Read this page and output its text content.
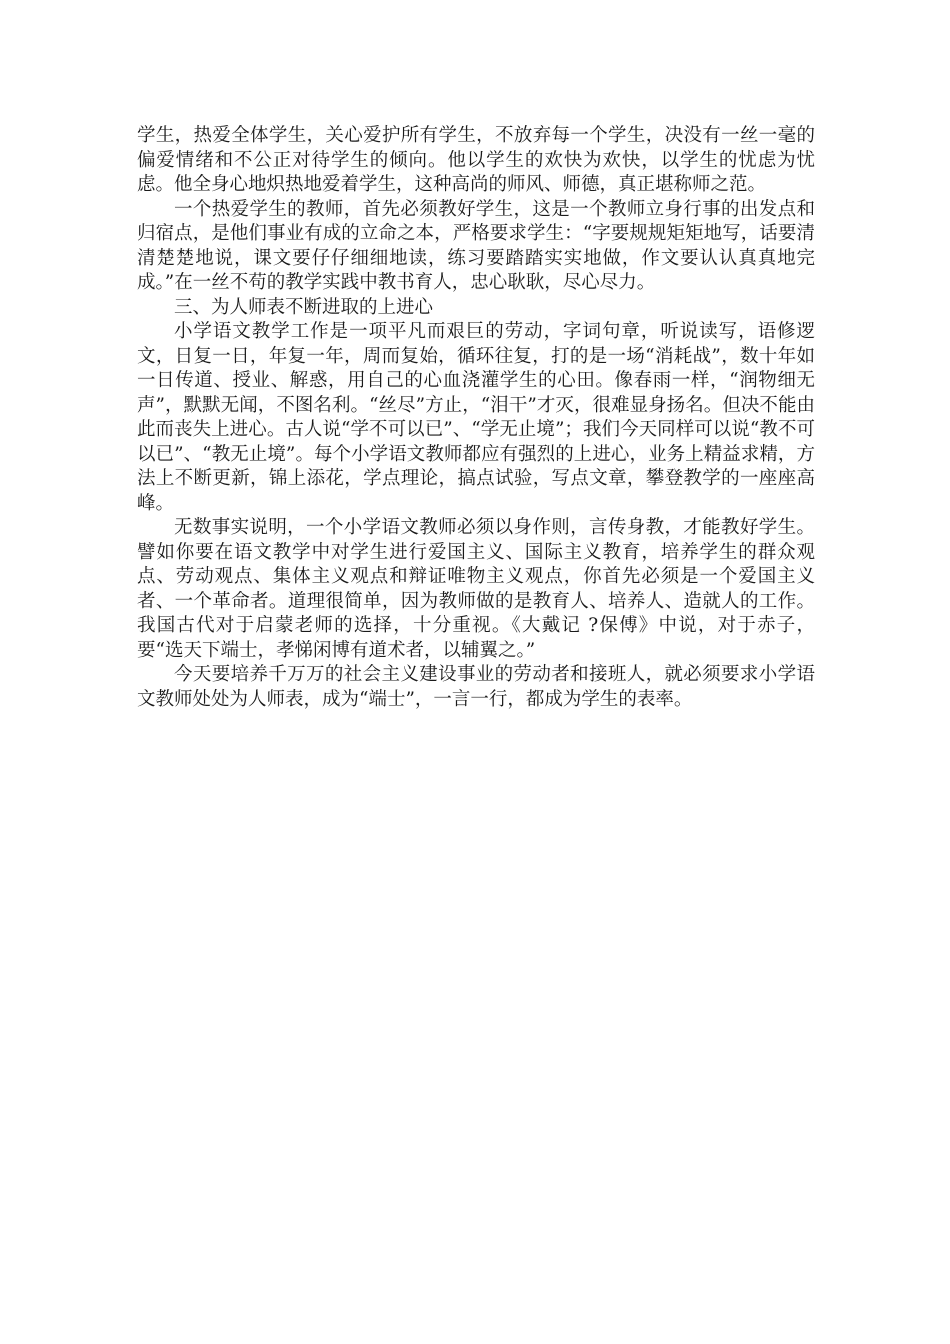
学生，热爱全体学生，关心爱护所有学生，不放弃每一个学生，决没有一丝一毫的偏爱情绪和不公正对待学生的倾向。他以学生的欢快为欢快，以学生的忧虑为忧虑。他全身心地炽热地爱着学生，这种高尚的师风、师德，真正堪称师之范。

一个热爱学生的教师，首先必须教好学生，这是一个教师立身行事的出发点和归宿点，是他们事业有成的立命之本，严格要求学生：“字要规规矩矩地写，话要清清楚楚地说，课文要仔仔细细地读，练习要踏踏实实地做，作文要认认真真地完成。”在一丝不苟的教学实践中教书育人，忠心耿耿，尽心尽力。

三、为人师表不断进取的上进心

小学语文教学工作是一项平凡而艰巨的劳动，字词句章，听说读写，语修逻文，日复一日，年复一年，周而复始，循环往复，打的是一场“消耗战”，数十年如一日传道、授业、解惑，用自己的心血浇灌学生的心田。像春雨一样，“润物细无声”，默默无闻，不图名利。“丝尽”方止，“泪干”才灭，很难显身扬名。但决不能由此而丧失上进心。古人说“学不可以已”、“学无止境”；我们今天同样可以说“教不可以已”、“教无止境”。每个小学语文教师都应有强烈的上进心，业务上精益求精，方法上不断更新，锦上添花，学点理论，搞点试验，写点文章，攀登教学的一座座高峰。

无数事实说明，一个小学语文教师必须以身作则，言传身教，才能教好学生。譬如你要在语文教学中对学生进行爱国主义、国际主义教育，培养学生的群众观点、劳动观点、集体主义观点和辩证唯物主义观点，你首先必须是一个爱国主义者、一个革命者。道理很简单，因为教师做的是教育人、培养人、造就人的工作。我国古代对于启蒙老师的选择，十分重视。《大戴记 ?保傅》中说，对于赤子，要“选天下端士，孝悌闲博有道术者，以辅翼之。”

今天要培养千万万的社会主义建设事业的劳动者和接班人，就必须要求小学语文教师处处为人师表，成为“端士”，一言一行，都成为学生的表率。
